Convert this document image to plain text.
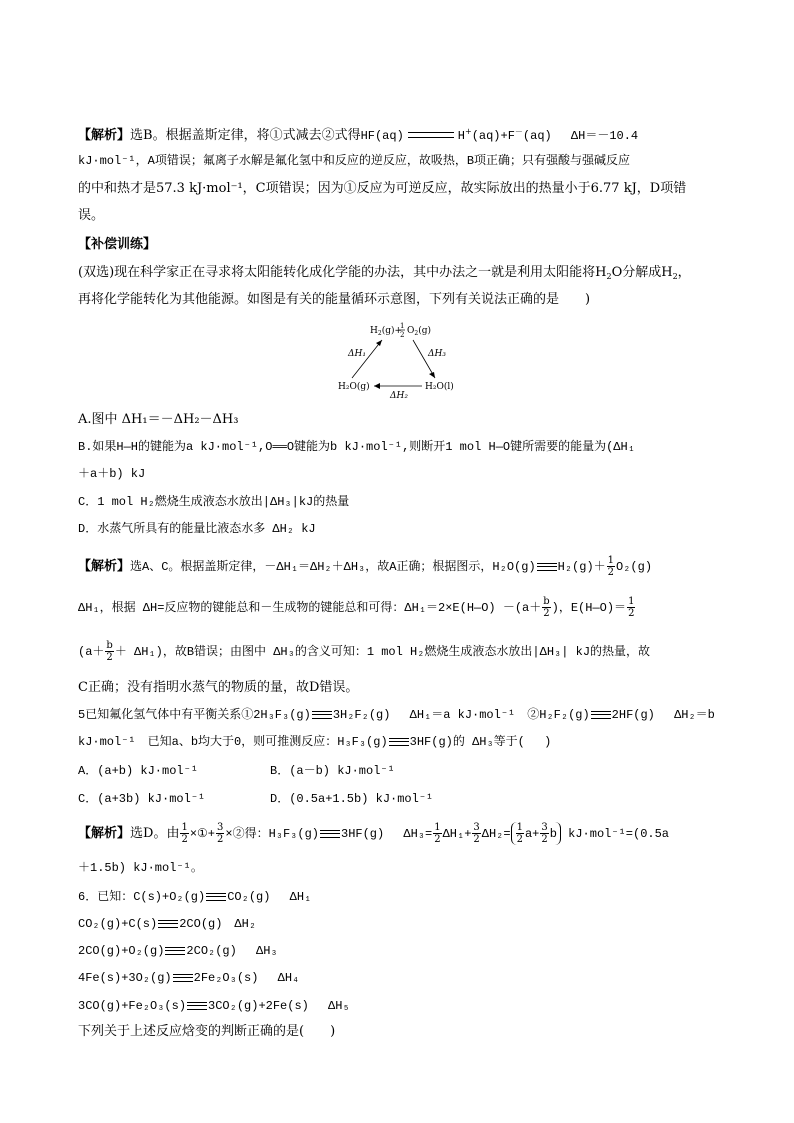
【解析】选B。根据盖斯定律，将①式减去②式得HF(aq)	H+(aq)+F－(aq)　 ΔH＝－10.4
kJ·mol⁻¹，A项错误；氟离子水解是氟化氢中和反应的逆反应，故吸热，B项正确；只有强酸与强碱反应
的中和热才是57.3 kJ·mol⁻¹，C项错误；因为①反应为可逆反应，故实际放出的热量小于6.77 kJ，D项错
误。
【补偿训练】
(双选)现在科学家正在寻求将太阳能转化成化学能的办法，其中办法之一就是利用太阳能将$H_2O$分解成$H_2$，
再将化学能转化为其他能源。如图是有关的能量循环示意图，下列有关说法正确的是　　)
$H_2(g)+$
1
2 $O_2(g)$
ΔH₁	ΔH₃
H₂O(g)	H₂O(l)
ΔH₂
A.图中 ΔH₁＝－ΔH₂－ΔH₃
B.如果H—H的键能为a kJ·mol⁻¹,O══O键能为b kJ·mol⁻¹,则断开1 mol H—O键所需要的能量为(ΔH₁
＋a＋b) kJ
C．1 mol H₂燃烧生成液态水放出|ΔH₃|kJ的热量
D．水蒸气所具有的能量比液态水多 ΔH₂ kJ
【解析】选A、C。根据盖斯定律，－ΔH₁＝ΔH₂＋ΔH₃，故A正确；根据图示，H₂O(g) $H_2(g)+ \frac{1}{2} O_2(g)$
ΔH₁，根据 ΔH=反应物的键能总和－生成物的键能总和可得：ΔH₁＝2×E(H—O) $-(a+ \frac{b}{2}$ )，E(H—O)＝ $\frac{1}{2}$
$(a+ \frac{b}{2} + \Delta H_1)$，故B错误；由图中 ΔH₃的含义可知：1 mol H₂燃烧生成液态水放出|ΔH₃| kJ的热量，故
C正确；没有指明水蒸气的物质的量，故D错误。
5已知氟化氢气体中有平衡关系①2H₃F₃(g) 3H₂F₂(g)　 ΔH₁＝a kJ·mol⁻¹　②H₂F₂(g) 2HF(g)　 ΔH₂＝b
kJ·mol⁻¹　已知a、b均大于0，则可推测反应：H₃F₃(g) 3HF(g)的 ΔH₃等于(　 )
A．(a+b) kJ·mol⁻¹	B．(a－b) kJ·mol⁻¹
C．(a+3b) kJ·mol⁻¹	D．(0.5a+1.5b) kJ·mol⁻¹
【解析】选D。由 $\frac{1}{2}$ ×①+ $\frac{3}{2}$ ×②得：H₃F₃(g) 3HF(g)　 $\Delta H_3= \frac{1}{2} \Delta H_1+ \frac{3}{2} \Delta H_2= \frac{1}{2} a+ \frac{3}{2}$ b kJ·mol⁻¹=(0.5a
＋1.5b) kJ·mol⁻¹。
6．已知：C(s)+O₂(g) CO₂(g)　 ΔH₁
CO₂(g)+C(s) 2CO(g)　ΔH₂
2CO(g)+O₂(g) 2CO₂(g)　 ΔH₃
4Fe(s)+3O₂(g) 2Fe₂O₃(s)　 ΔH₄
3CO(g)+Fe₂O₃(s) 3CO₂(g)+2Fe(s)　 ΔH₅
下列关于上述反应焓变的判断正确的是(　　)
